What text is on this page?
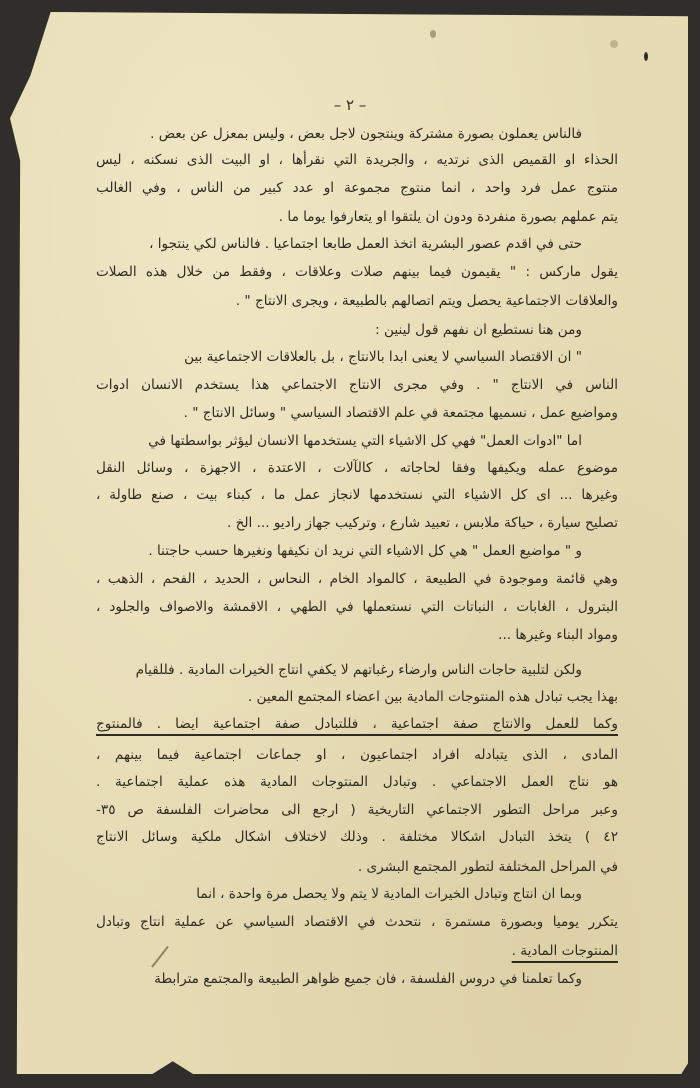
– ٢ –
فالناس يعملون بصورة مشتركة وينتجون لاجل بعض ، وليس بمعزل عن بعض .
الحذاء او القميص الذى نرتديه ، والجريدة التي نقرأها ، او البيت الذى نسكنه ، ليس
منتوج عمل فرد واحد ، انما منتوج مجموعة او عدد كبير من الناس ، وفي الغالب
يتم عملهم بصورة منفردة ودون ان يلتقوا او يتعارفوا يوما ما .
حتى في اقدم عصور البشرية اتخذ العمل طابعا اجتماعيا . فالناس لكي ينتجوا ،
يقول ماركس : " يقيمون فيما بينهم صلات وعلاقات ، وفقط من خلال هذه الصلات
والعلاقات الاجتماعية يحصل ويتم اتصالهم بالطبيعة ، ويجرى الانتاج " .
ومن هنا نستطيع ان نفهم قول لينين :
" ان الاقتصاد السياسي لا يعنى ابدا بالانتاج ، بل بالعلاقات الاجتماعية بين
الناس في الانتاج " . وفي مجرى الانتاج الاجتماعي هذا يستخدم الانسان ادوات
ومواضيع عمل ، نسميها مجتمعة في علم الاقتصاد السياسي " وسائل الانتاج " .
اما "ادوات العمل" فهي كل الاشياء التي يستخدمها الانسان ليؤثر بواسطتها في
موضوع عمله ويكيفها وفقا لحاجاته ، كالآلات ، الاعتدة ، الاجهزة ، وسائل النقل
وغيرها ... اى كل الاشياء التي نستخدمها لانجاز عمل ما ، كبناء بيت ، صنع طاولة ،
تصليح سيارة ، حياكة ملابس ، تعبيد شارع ، وتركيب جهاز راديو ... الخ .
و " مواضيع العمل " هي كل الاشياء التي نريد ان نكيفها ونغيرها حسب حاجتنا .
وهي قائمة وموجودة في الطبيعة ، كالمواد الخام ، النحاس ، الحديد ، الفحم ، الذهب ،
البترول ، الغابات ، النباتات التي نستعملها في الطهي ، الاقمشة والاصواف والجلود ،
ومواد البناء وغيرها ...
ولكن لتلبية حاجات الناس وارضاء رغباتهم لا يكفي انتاج الخيرات المادية . فللقيام
بهذا يجب تبادل هذه المنتوجات المادية بين اعضاء المجتمع المعين .
وكما للعمل والانتاج صفة اجتماعية ، فللتبادل صفة اجتماعية ايضا . فالمنتوج
المادى ، الذى يتبادله افراد اجتماعيون ، او جماعات اجتماعية فيما بينهم ،
هو نتاج العمل الاجتماعي . وتبادل المنتوجات المادية هذه عملية اجتماعية .
وعبر مراحل التطور الاجتماعي التاريخية ( ارجع الى محاضرات الفلسفة ص ٣٥-
٤٢ ) يتخذ التبادل اشكالا مختلفة . وذلك لاختلاف اشكال ملكية وسائل الانتاج
في المراحل المختلفة لتطور المجتمع البشرى .
وبما ان انتاج وتبادل الخيرات المادية لا يتم ولا يحصل مرة واحدة ، انما
يتكرر يوميا وبصورة مستمرة ، نتحدث في الاقتصاد السياسي عن عملية انتاج وتبادل
المنتوجات المادية .
وكما تعلمنا في دروس الفلسفة ، فان جميع ظواهر الطبيعة والمجتمع مترابطة
